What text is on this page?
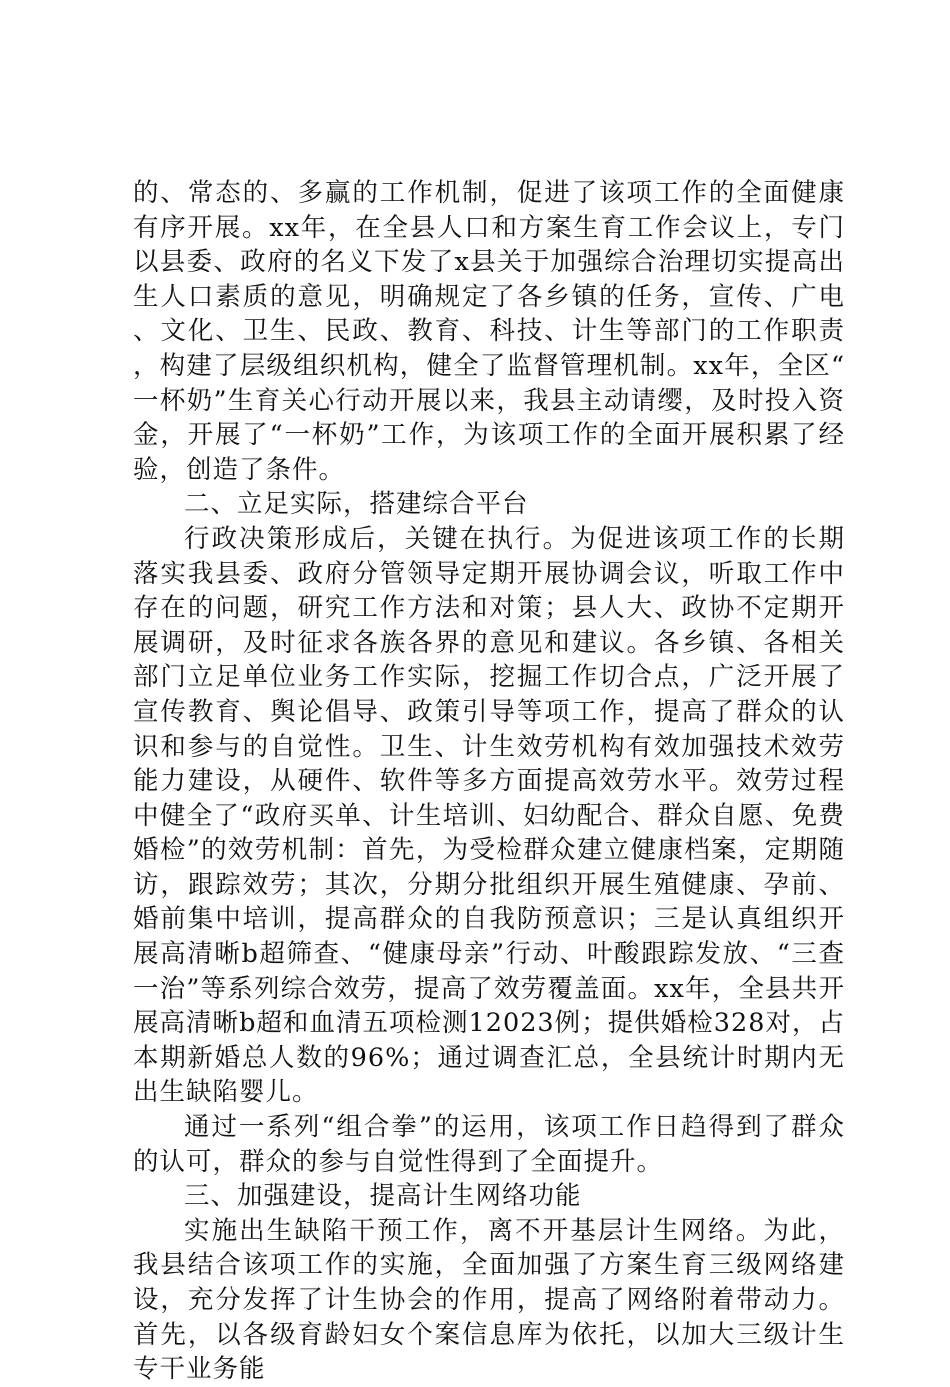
的、常态的、多赢的工作机制，促进了该项工作的全面健康有序开展。xx年，在全县人口和方案生育工作会议上，专门以县委、政府的名义下发了x县关于加强综合治理切实提高出生人口素质的意见，明确规定了各乡镇的任务，宣传、广电、文化、卫生、民政、教育、科技、计生等部门的工作职责，构建了层级组织机构，健全了监督管理机制。xx年，全区“一杯奶”生育关心行动开展以来，我县主动请缨，及时投入资金，开展了“一杯奶”工作，为该项工作的全面开展积累了经验，创造了条件。

二、立足实际，搭建综合平台

行政决策形成后，关键在执行。为促进该项工作的长期落实我县委、政府分管领导定期开展协调会议，听取工作中存在的问题，研究工作方法和对策；县人大、政协不定期开展调研，及时征求各族各界的意见和建议。各乡镇、各相关部门立足单位业务工作实际，挖掘工作切合点，广泛开展了宣传教育、舆论倡导、政策引导等项工作，提高了群众的认识和参与的自觉性。卫生、计生效劳机构有效加强技术效劳能力建设，从硬件、软件等多方面提高效劳水平。效劳过程中健全了“政府买单、计生培训、妇幼配合、群众自愿、免费婚检”的效劳机制：首先，为受检群众建立健康档案，定期随访，跟踪效劳；其次，分期分批组织开展生殖健康、孕前、婚前集中培训，提高群众的自我防预意识；三是认真组织开展高清晰b超筛查、“健康母亲”行动、叶酸跟踪发放、“三查一治”等系列综合效劳，提高了效劳覆盖面。xx年，全县共开展高清晰b超和血清五项检测12023例；提供婚检328对，占本期新婚总人数的96%；通过调查汇总，全县统计时期内无出生缺陷婴儿。

通过一系列“组合拳”的运用，该项工作日趋得到了群众的认可，群众的参与自觉性得到了全面提升。

三、加强建设，提高计生网络功能

实施出生缺陷干预工作，离不开基层计生网络。为此，我县结合该项工作的实施，全面加强了方案生育三级网络建设，充分发挥了计生协会的作用，提高了网络附着带动力。首先，以各级育龄妇女个案信息库为依托，以加大三级计生专干业务能
